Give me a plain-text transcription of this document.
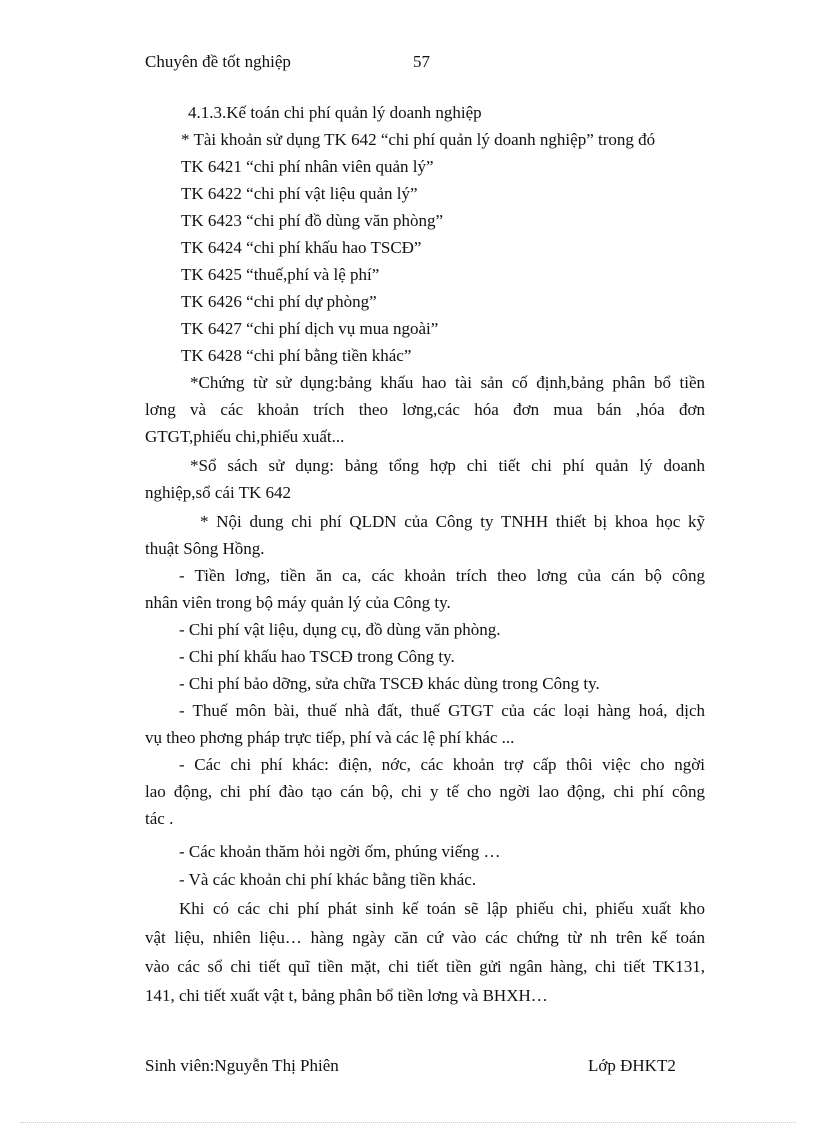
Chuyên đề tốt nghiệp	57
4.1.3.Kế toán chi phí quản lý doanh nghiệp
* Tài khoản sử dụng TK 642 “chi phí quản lý doanh nghiệp” trong đó
TK 6421 “chi phí nhân viên quản lý”
TK 6422 “chi phí vật liệu quản lý”
TK 6423 “chi phí đồ dùng văn phòng”
TK 6424 “chi phí khấu hao TSCĐ”
TK 6425 “thuế,phí và lệ phí”
TK 6426 “chi phí dự phòng”
TK 6427 “chi phí dịch vụ mua ngoài”
TK 6428 “chi phí bằng tiền khác”
*Chứng từ sử dụng:bảng khấu hao tài sản cố định,bảng phân bổ tiền
lơng và các khoản trích theo lơng,các hóa đơn mua bán ,hóa đơn
GTGT,phiếu chi,phiếu xuất...
*Sổ sách sử dụng: bảng tổng hợp chi tiết chi phí quản lý doanh
nghiệp,sổ cái TK 642
* Nội dung chi phí QLDN của Công ty TNHH thiết bị khoa học kỹ
thuật Sông Hồng.
- Tiền lơng, tiền ăn ca, các khoản trích theo lơng của cán bộ công
nhân viên trong bộ máy quản lý của Công ty.
- Chi phí vật liệu, dụng cụ, đồ dùng văn phòng.
- Chi phí khấu hao TSCĐ trong Công ty.
- Chi phí bảo dỡng, sửa chữa TSCĐ khác dùng trong Công ty.
- Thuế môn bài, thuế nhà đất, thuế GTGT của các loại hàng hoá, dịch
vụ theo phơng pháp trực tiếp, phí và các lệ phí khác ...
- Các chi phí khác: điện, nớc, các khoản trợ cấp thôi việc cho ngời
lao động, chi phí đào tạo cán bộ, chi y tế cho ngời lao động, chi phí công
tác .
- Các khoản thăm hỏi ngời ốm, phúng viếng …
- Và các khoản chi phí khác bằng tiền khác.
Khi có các chi phí phát sinh kế toán sẽ lập phiếu chi, phiếu xuất kho
vật liệu, nhiên liệu… hàng ngày căn cứ vào các chứng từ nh trên kế toán
vào các sổ chi tiết quĩ tiền mặt, chi tiết tiền gửi ngân hàng, chi tiết TK131,
141, chi tiết xuất vật t, bảng phân bổ tiền lơng và BHXH…
Sinh viên:Nguyễn Thị Phiên	Lớp ĐHKT2
